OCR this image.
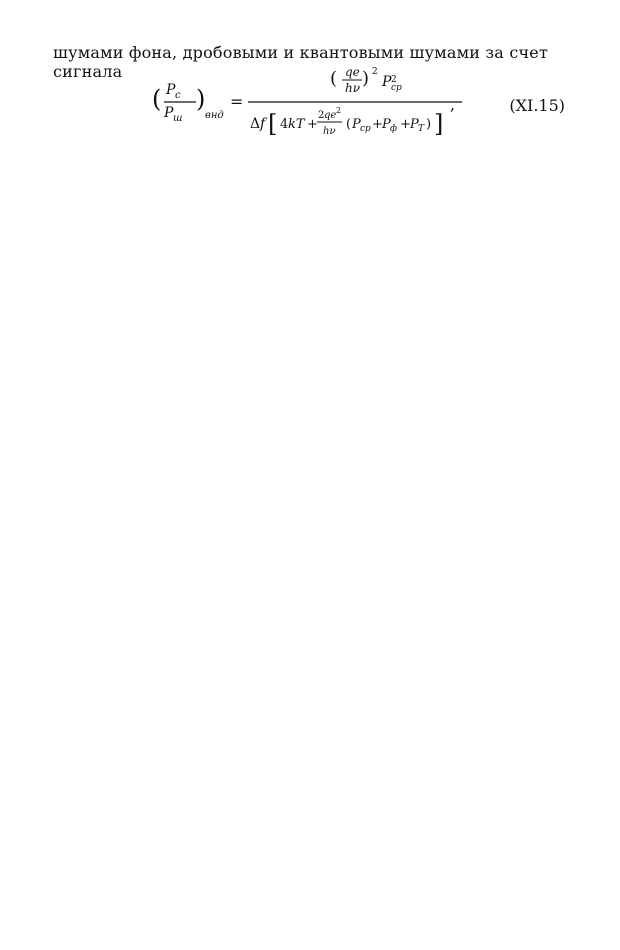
шумами фона, дробовыми и квантовыми шумами за счет сигнала
( P c
P ш
)
внд
=
( qe
hν ) 2
P 2
cp
Δ f [ 4 kT +
2 qe 2
hν ( P cp + P ф + P T ) ]
,	(XI.15)
